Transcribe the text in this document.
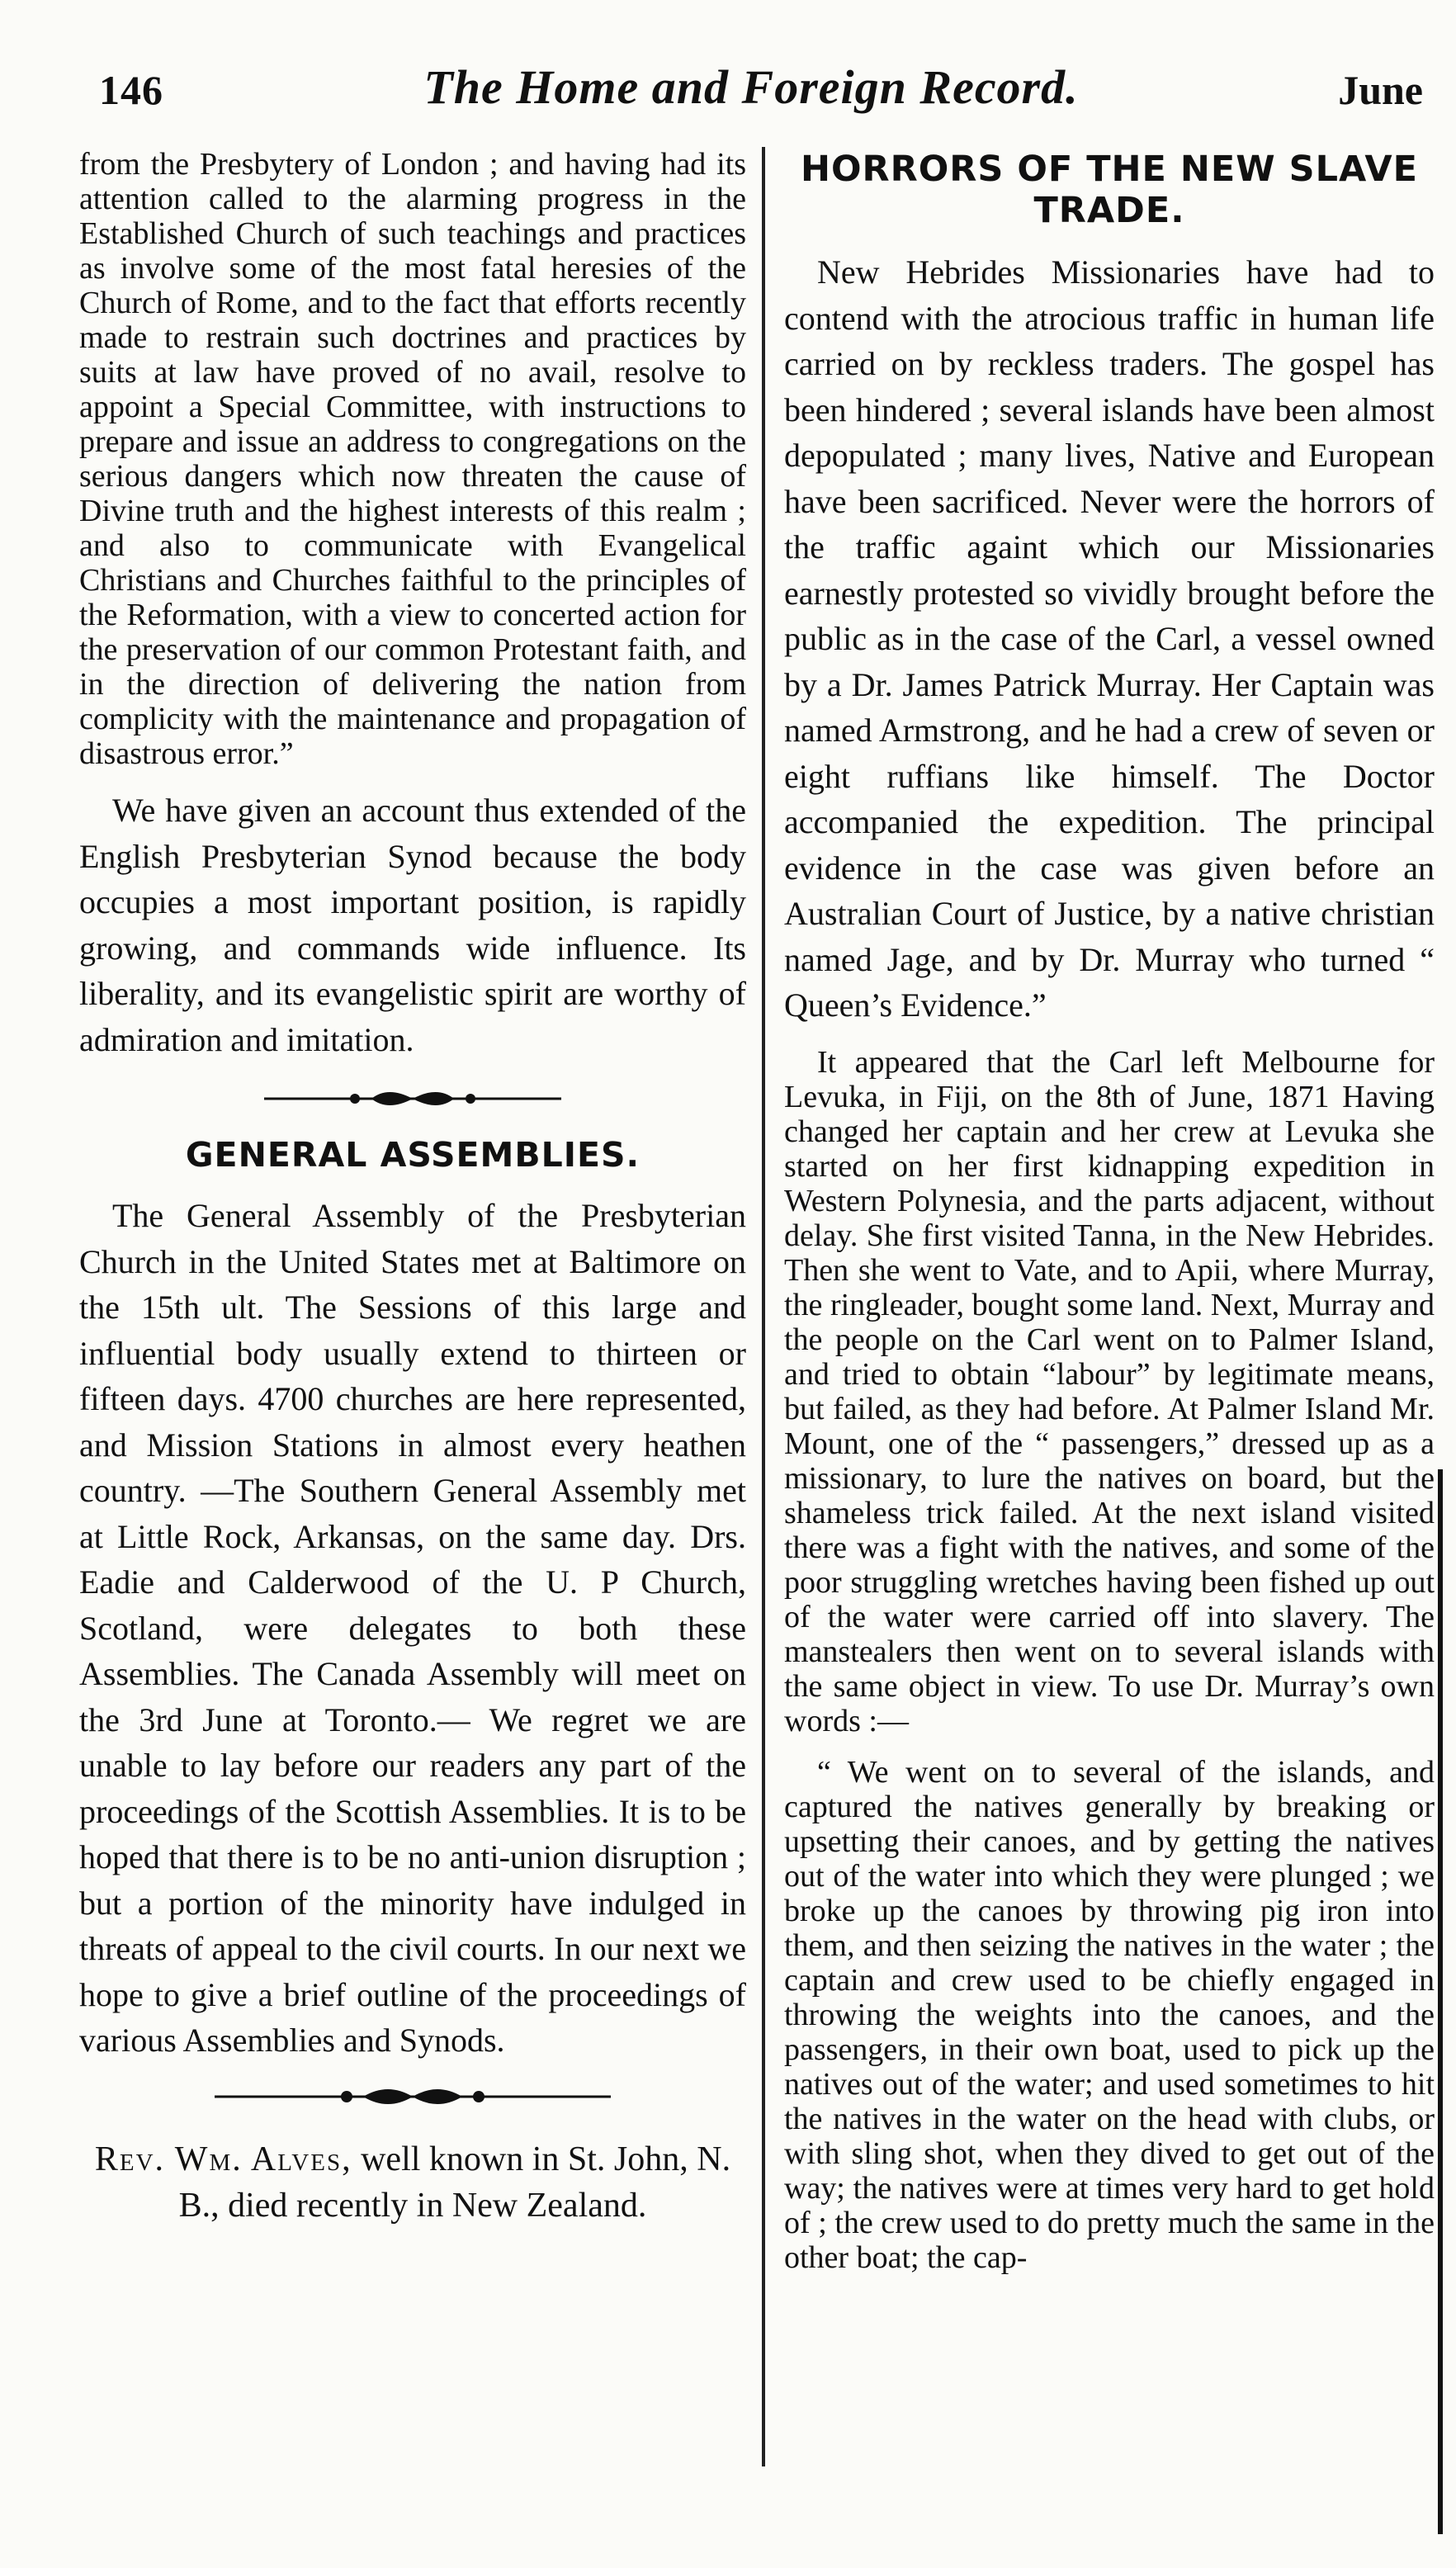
146	The Home and Foreign Record.	June

from the Presbytery of London ; and having had its attention called to the alarming progress in the Established Church of such teachings and practices as involve some of the most fatal heresies of the Church of Rome, and to the fact that efforts recently made to restrain such doctrines and practices by suits at law have proved of no avail, resolve to appoint a Special Committee, with instructions to prepare and issue an address to congregations on the serious dangers which now threaten the cause of Divine truth and the highest interests of this realm ; and also to communicate with Evangelical Christians and Churches faithful to the principles of the Reformation, with a view to concerted action for the preservation of our common Protestant faith, and in the direction of delivering the nation from complicity with the maintenance and propagation of disastrous error.”

We have given an account thus extended of the English Presbyterian Synod because the body occupies a most important position, is rapidly growing, and commands wide influence. Its liberality, and its evangelistic spirit are worthy of admiration and imitation.

GENERAL ASSEMBLIES.

The General Assembly of the Presbyterian Church in the United States met at Baltimore on the 15th ult. The Sessions of this large and influential body usually extend to thirteen or fifteen days. 4700 churches are here represented, and Mission Stations in almost every heathen country. —The Southern General Assembly met at Little Rock, Arkansas, on the same day. Drs. Eadie and Calderwood of the U. P Church, Scotland, were delegates to both these Assemblies. The Canada Assembly will meet on the 3rd June at Toronto.— We regret we are unable to lay before our readers any part of the proceedings of the Scottish Assemblies. It is to be hoped that there is to be no anti-union disruption ; but a portion of the minority have indulged in threats of appeal to the civil courts. In our next we hope to give a brief outline of the proceedings of various Assemblies and Synods.

Rev. Wm. Alves, well known in St. John, N. B., died recently in New Zealand.

HORRORS OF THE NEW SLAVE TRADE.

New Hebrides Missionaries have had to contend with the atrocious traffic in human life carried on by reckless traders. The gospel has been hindered ; several islands have been almost depopulated ; many lives, Native and European have been sacrificed. Never were the horrors of the traffic againt which our Missionaries earnestly protested so vividly brought before the public as in the case of the Carl, a vessel owned by a Dr. James Patrick Murray. Her Captain was named Armstrong, and he had a crew of seven or eight ruffians like himself. The Doctor accompanied the expedition. The principal evidence in the case was given before an Australian Court of Justice, by a native christian named Jage, and by Dr. Murray who turned “ Queen’s Evidence.”

It appeared that the Carl left Melbourne for Levuka, in Fiji, on the 8th of June, 1871 Having changed her captain and her crew at Levuka she started on her first kidnapping expedition in Western Polynesia, and the parts adjacent, without delay. She first visited Tanna, in the New Hebrides. Then she went to Vate, and to Apii, where Murray, the ringleader, bought some land. Next, Murray and the people on the Carl went on to Palmer Island, and tried to obtain “labour” by legitimate means, but failed, as they had before. At Palmer Island Mr. Mount, one of the “ passengers,” dressed up as a missionary, to lure the natives on board, but the shameless trick failed. At the next island visited there was a fight with the natives, and some of the poor struggling wretches having been fished up out of the water were carried off into slavery. The manstealers then went on to several islands with the same object in view. To use Dr. Murray’s own words :—

“ We went on to several of the islands, and captured the natives generally by breaking or upsetting their canoes, and by getting the natives out of the water into which they were plunged ; we broke up the canoes by throwing pig iron into them, and then seizing the natives in the water ; the captain and crew used to be chiefly engaged in throwing the weights into the canoes, and the passengers, in their own boat, used to pick up the natives out of the water; and used sometimes to hit the natives in the water on the head with clubs, or with sling shot, when they dived to get out of the way; the natives were at times very hard to get hold of ; the crew used to do pretty much the same in the other boat; the cap-
